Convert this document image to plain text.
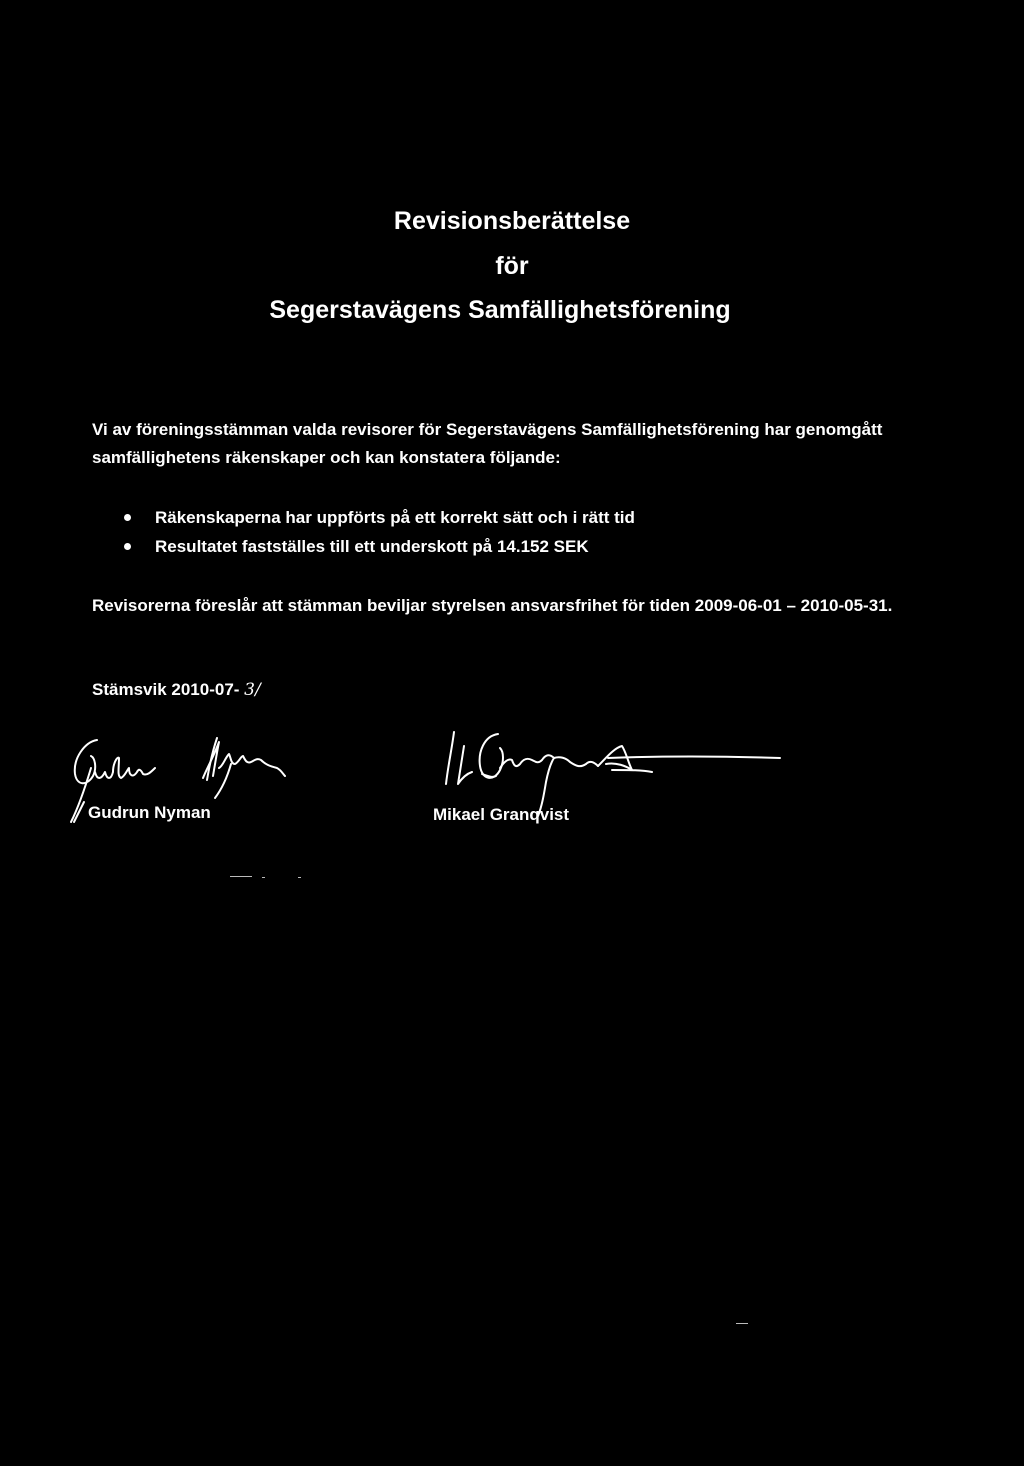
Revisionsberättelse
för
Segerstavägens Samfällighetsförening
Vi av föreningsstämman valda revisorer för Segerstavägens Samfällighetsförening har genomgått samfällighetens räkenskaper och kan konstatera följande:
Räkenskaperna har uppförts på ett korrekt sätt och i rätt tid
Resultatet fastställes till ett underskott på 14.152 SEK
Revisorerna föreslår att stämman beviljar styrelsen ansvarsfrihet för tiden 2009-06-01 – 2010-05-31.
Stämsvik 2010-07- 3/
Gudrun Nyman	Mikael Granqvist
